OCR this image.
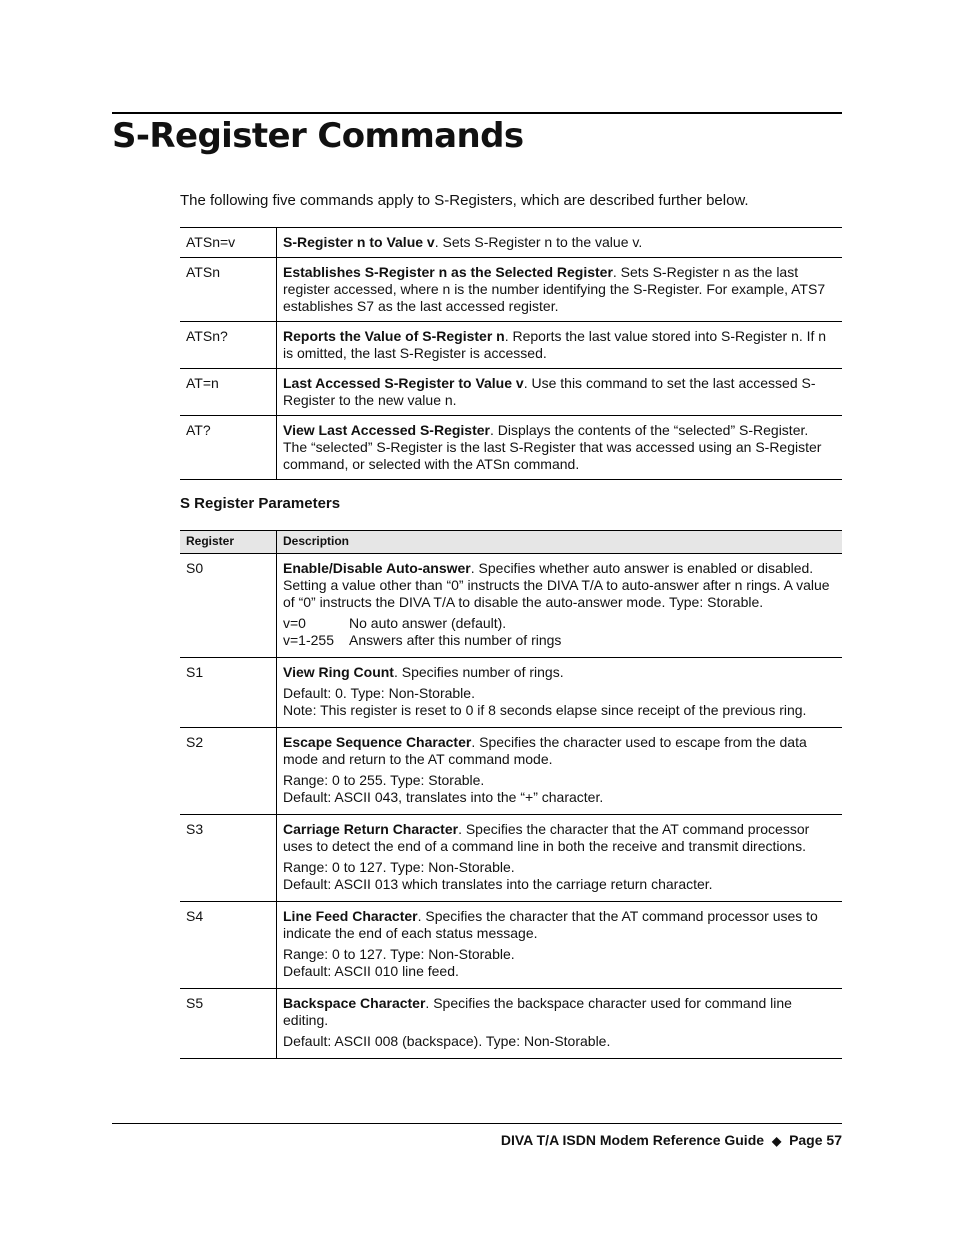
S-Register Commands

The following five commands apply to S-Registers, which are described further below.

ATSn=v	S-Register n to Value v. Sets S-Register n to the value v.
ATSn	Establishes S-Register n as the Selected Register. Sets S-Register n as the last register accessed, where n is the number identifying the S-Register. For example, ATS7 establishes S7 as the last accessed register.
ATSn?	Reports the Value of S-Register n. Reports the last value stored into S-Register n. If n is omitted, the last S-Register is accessed.
AT=n	Last Accessed S-Register to Value v. Use this command to set the last accessed S-Register to the new value n.
AT?	View Last Accessed S-Register. Displays the contents of the “selected” S-Register. The “selected” S-Register is the last S-Register that was accessed using an S-Register command, or selected with the ATSn command.
S Register Parameters
Register	Description
S0	Enable/Disable Auto-answer. Specifies whether auto answer is enabled or disabled. Setting a value other than “0” instructs the DIVA T/A to auto-answer after n rings. A value of “0” instructs the DIVA T/A to disable the auto-answer mode. Type: Storable.
v=0 No auto answer (default).
v=1-255 Answers after this number of rings

S1	View Ring Count. Specifies number of rings.
Default: 0. Type: Non-Storable.
Note: This register is reset to 0 if 8 seconds elapse since receipt of the previous ring.

S2	Escape Sequence Character. Specifies the character used to escape from the data mode and return to the AT command mode.
Range: 0 to 255. Type: Storable.
Default: ASCII 043, translates into the “+” character.

S3	Carriage Return Character. Specifies the character that the AT command processor uses to detect the end of a command line in both the receive and transmit directions.
Range: 0 to 127. Type: Non-Storable.
Default: ASCII 013 which translates into the carriage return character.

S4	Line Feed Character. Specifies the character that the AT command processor uses to indicate the end of each status message.
Range: 0 to 127. Type: Non-Storable.
Default: ASCII 010 line feed.

S5	Backspace Character. Specifies the backspace character used for command line editing.
Default: ASCII 008 (backspace). Type: Non-Storable.
DIVA T/A ISDN Modem Reference Guide ◆ Page 57
